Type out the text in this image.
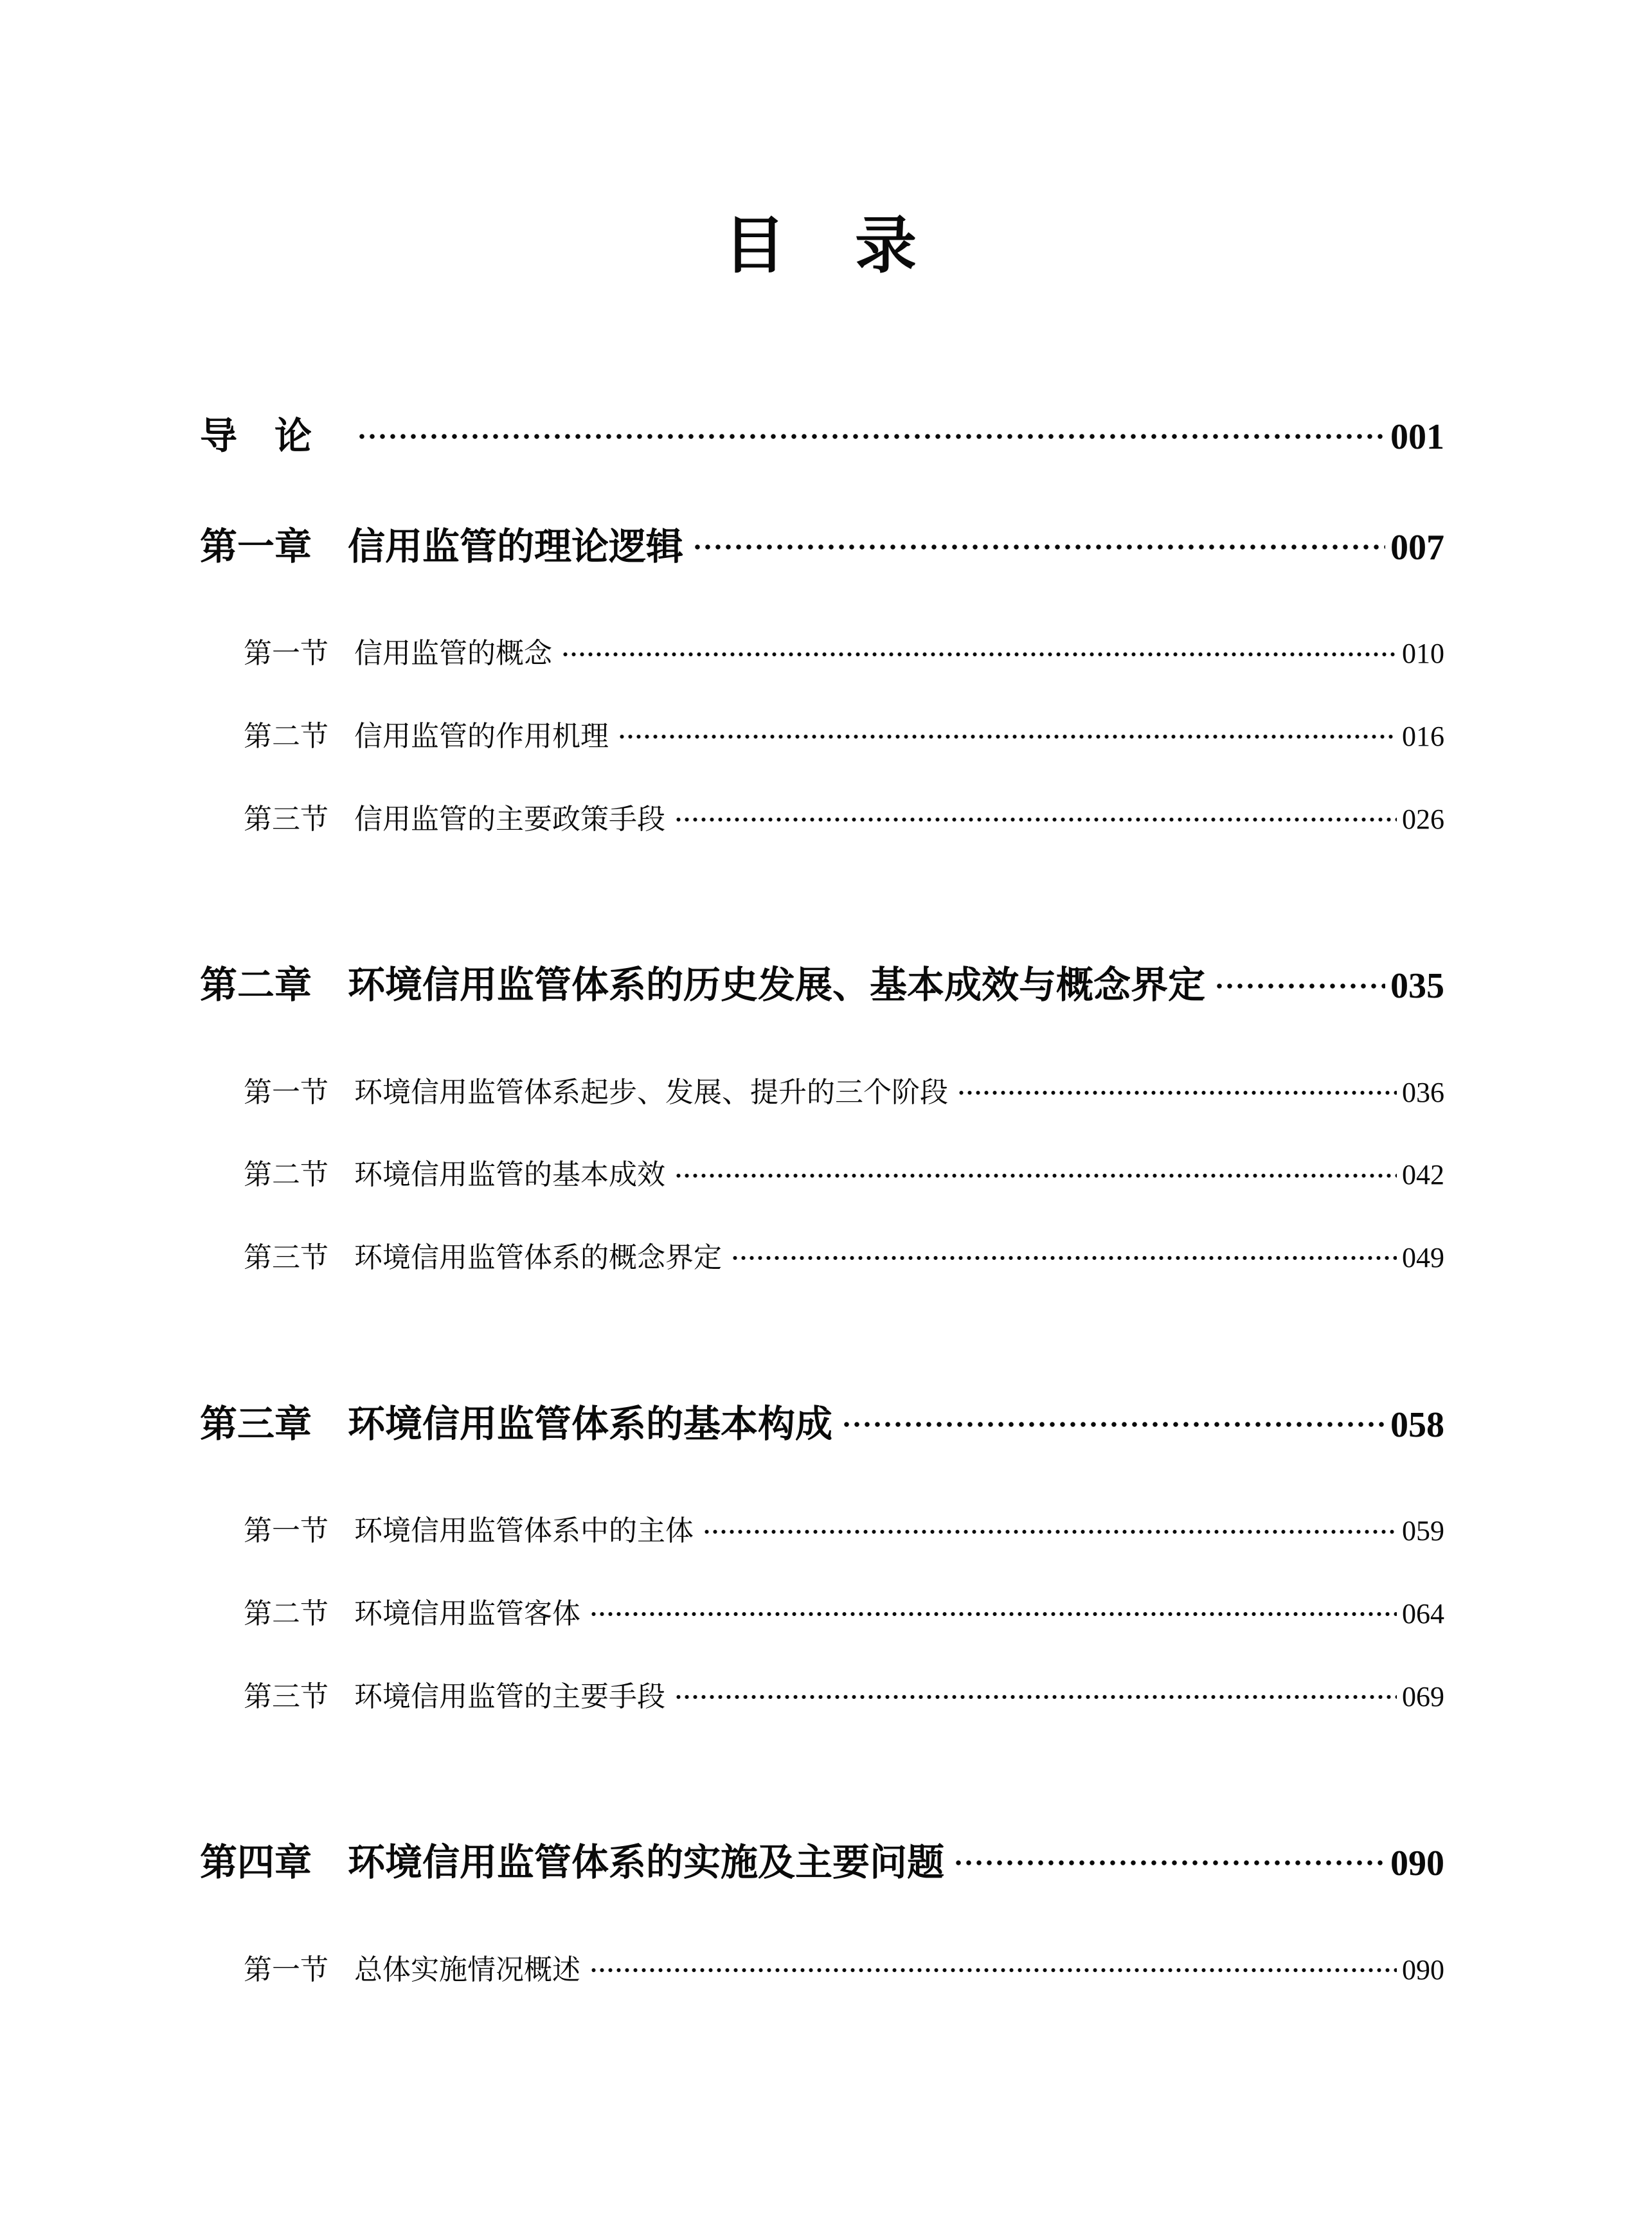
目　录
导　论	001
第一章 信用监管的理论逻辑	007
第一节 信用监管的概念	010
第二节 信用监管的作用机理	016
第三节 信用监管的主要政策手段	026
第二章 环境信用监管体系的历史发展、基本成效与概念界定	035
第一节 环境信用监管体系起步、发展、提升的三个阶段	036
第二节 环境信用监管的基本成效	042
第三节 环境信用监管体系的概念界定	049
第三章 环境信用监管体系的基本构成	058
第一节 环境信用监管体系中的主体	059
第二节 环境信用监管客体	064
第三节 环境信用监管的主要手段	069
第四章 环境信用监管体系的实施及主要问题	090
第一节 总体实施情况概述	090
